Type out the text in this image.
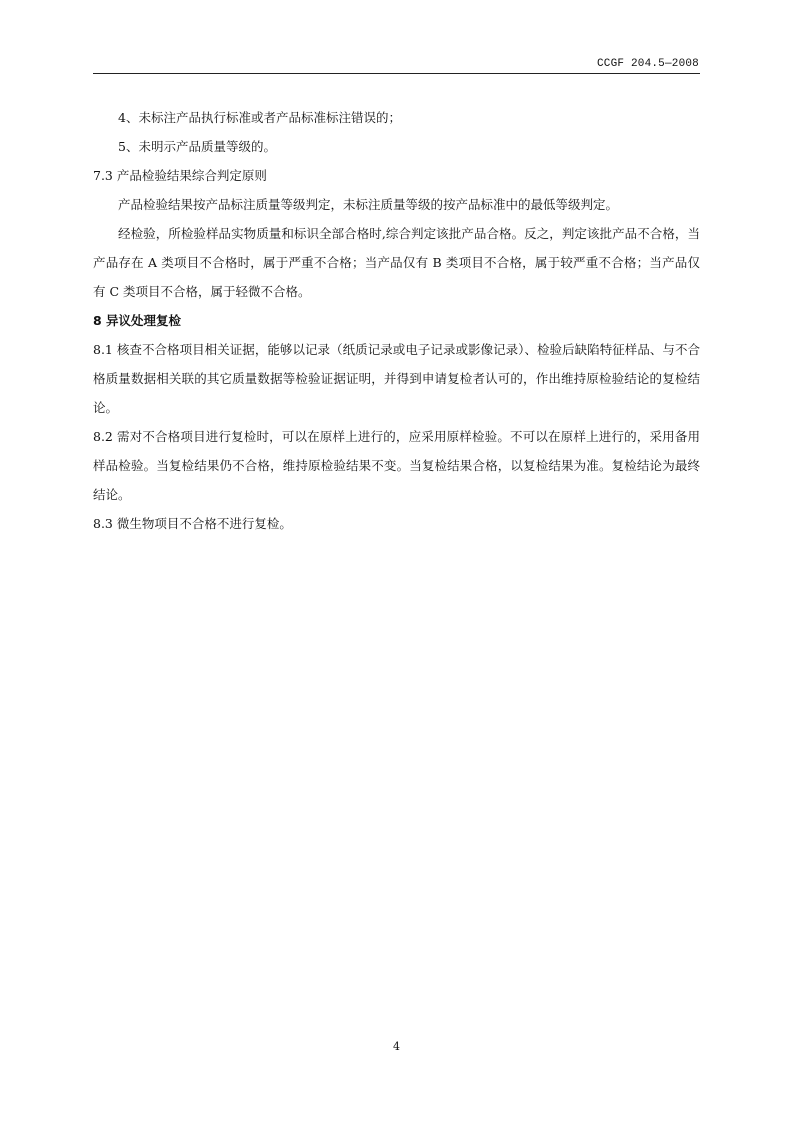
CCGF 204.5—2008

4、未标注产品执行标准或者产品标准标注错误的；

5、未明示产品质量等级的。

7.3 产品检验结果综合判定原则

产品检验结果按产品标注质量等级判定，未标注质量等级的按产品标准中的最低等级判定。

经检验，所检验样品实物质量和标识全部合格时,综合判定该批产品合格。反之，判定该批产品不合格，当产品存在 A 类项目不合格时，属于严重不合格；当产品仅有 B 类项目不合格，属于较严重不合格；当产品仅有 C 类项目不合格，属于轻微不合格。

8 异议处理复检

8.1 核查不合格项目相关证据，能够以记录（纸质记录或电子记录或影像记录）、检验后缺陷特征样品、与不合格质量数据相关联的其它质量数据等检验证据证明，并得到申请复检者认可的，作出维持原检验结论的复检结论。

8.2 需对不合格项目进行复检时，可以在原样上进行的，应采用原样检验。不可以在原样上进行的，采用备用样品检验。当复检结果仍不合格，维持原检验结果不变。当复检结果合格，以复检结果为准。复检结论为最终结论。

8.3 微生物项目不合格不进行复检。

4
